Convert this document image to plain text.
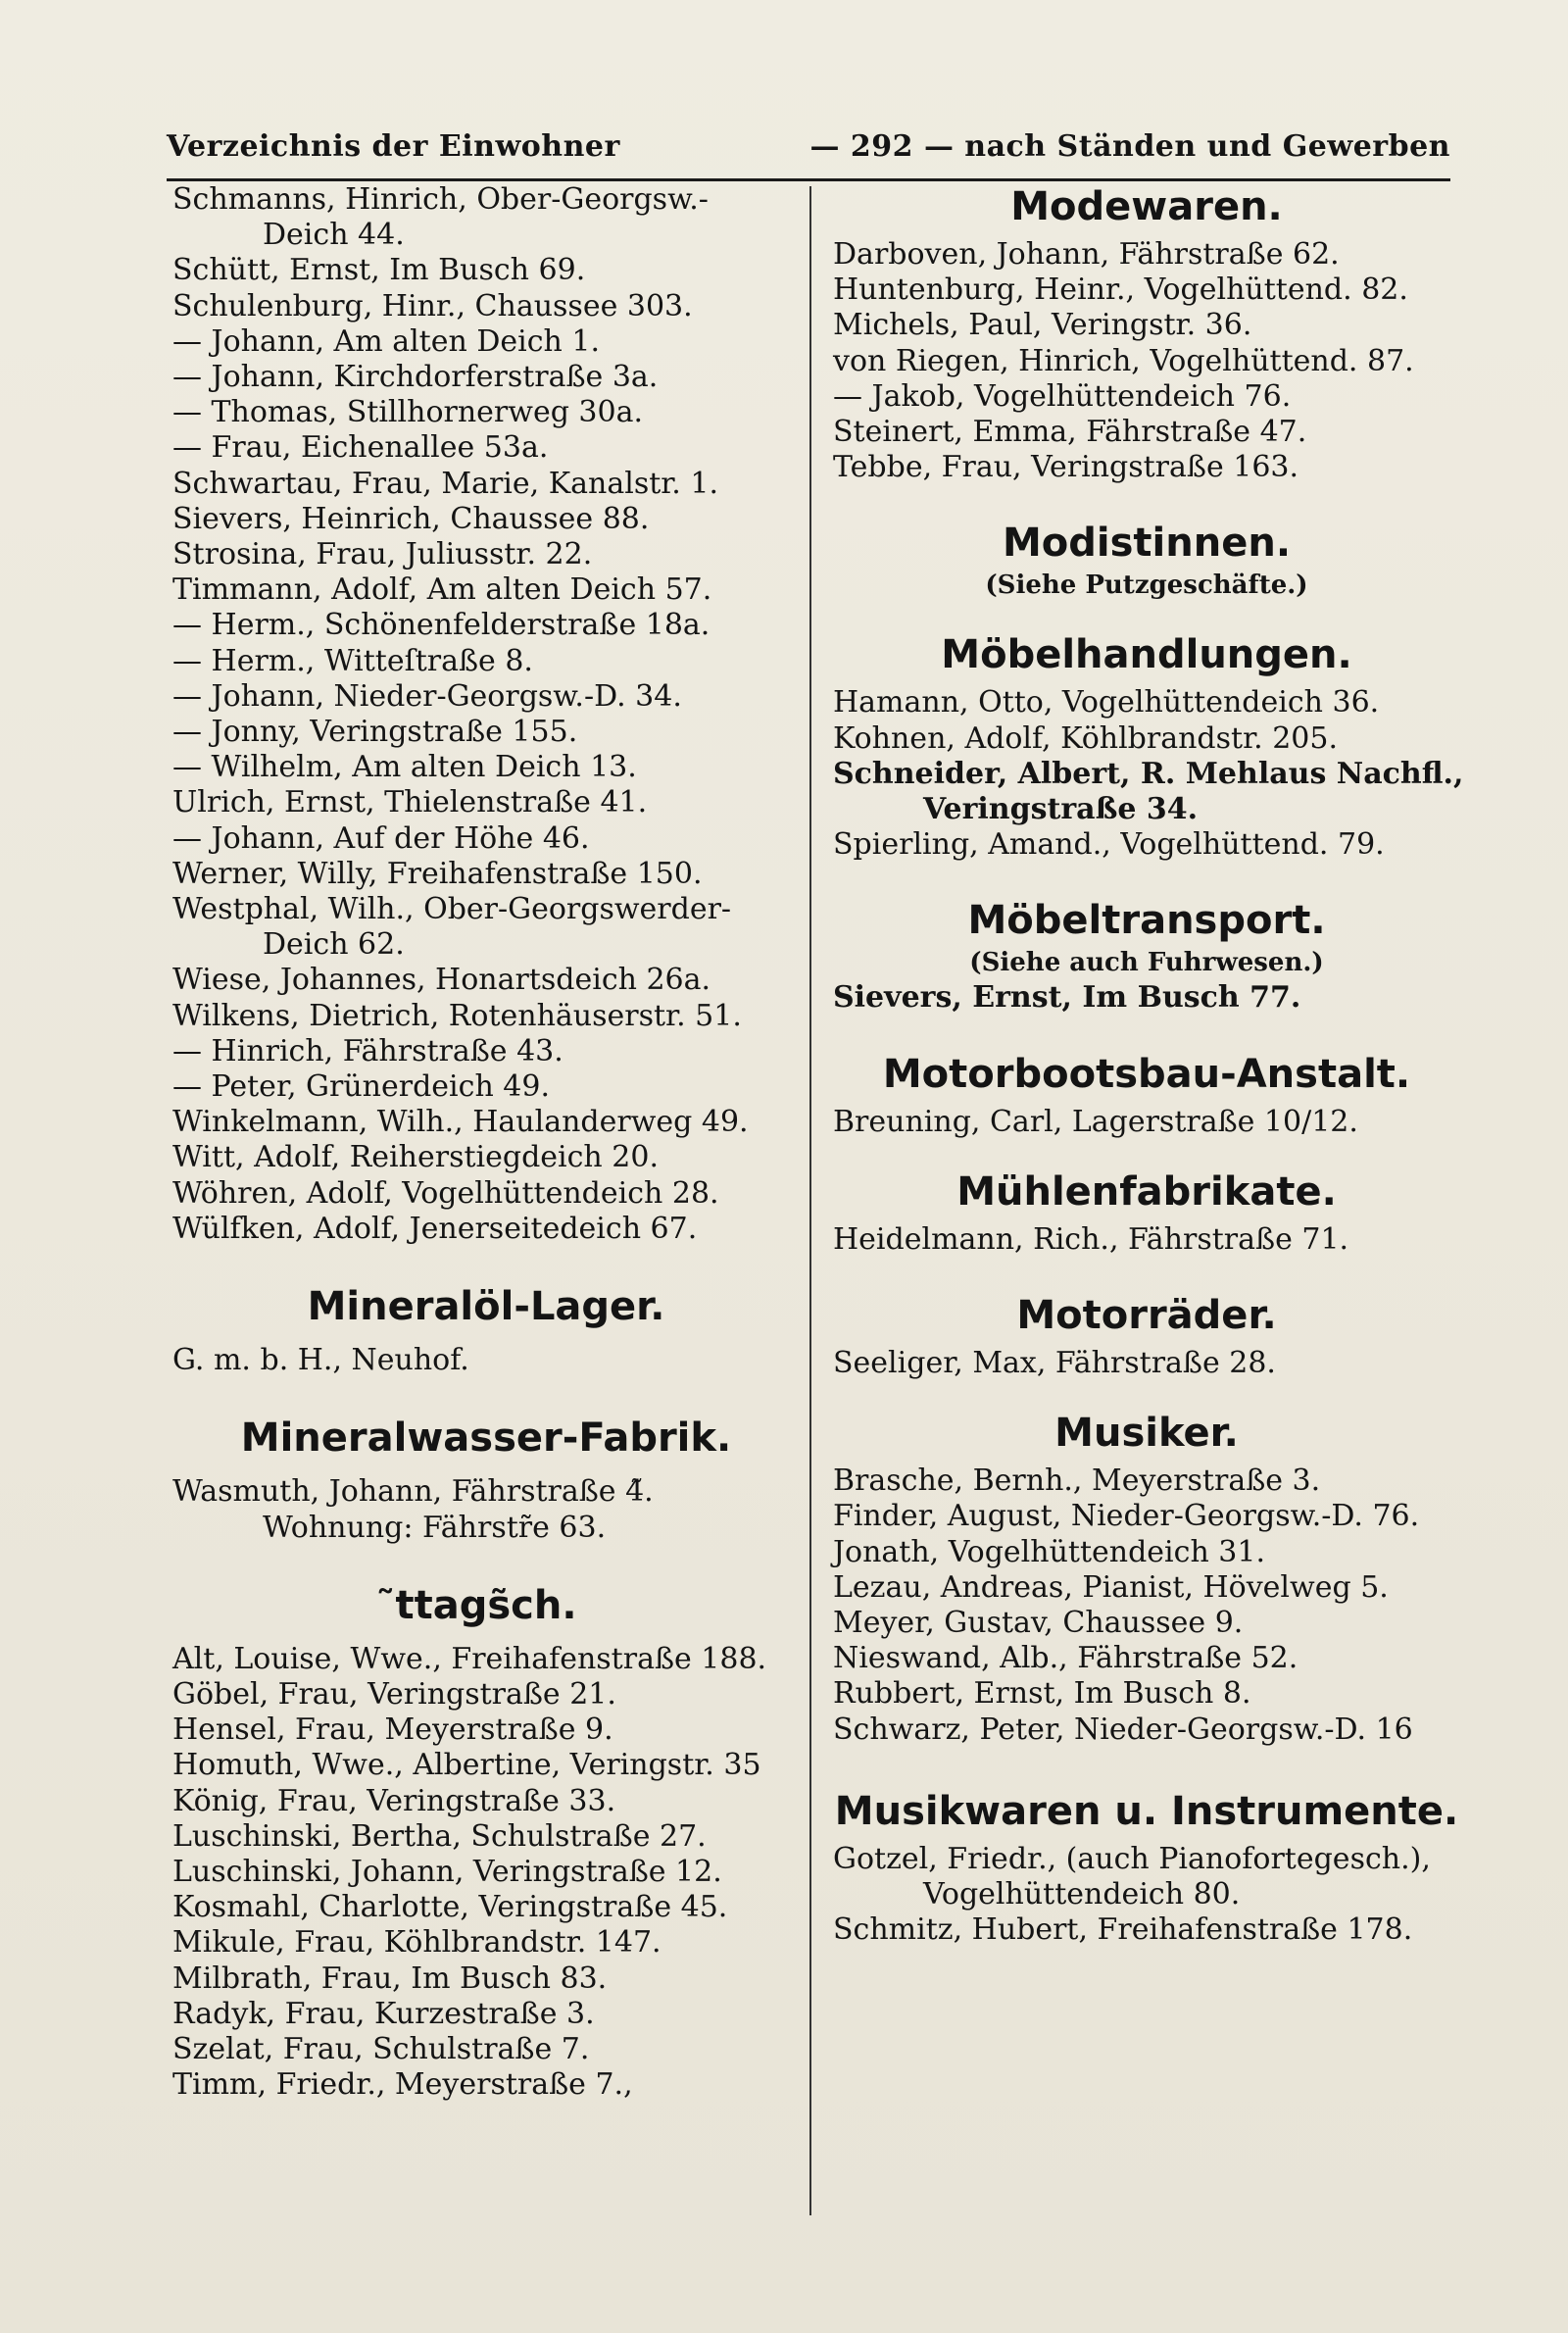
Verzeichnis der Einwohner	— 292 — nach Ständen und Gewerben
Schmanns, Hinrich, Ober-Georgsw.-
Deich 44.
Schütt, Ernst, Im Busch 69.
Schulenburg, Hinr., Chaussee 303.
— Johann, Am alten Deich 1.
— Johann, Kirchdorferstraße 3a.
— Thomas, Stillhornerweg 30a.
— Frau, Eichenallee 53a.
Schwartau, Frau, Marie, Kanalstr. 1.
Sievers, Heinrich, Chaussee 88.
Strosina, Frau, Juliusstr. 22.
Timmann, Adolf, Am alten Deich 57.
— Herm., Schönenfelderstraße 18a.
— Herm., Witteſtraße 8.
— Johann, Nieder-Georgsw.-D. 34.
— Jonny, Veringstraße 155.
— Wilhelm, Am alten Deich 13.
Ulrich, Ernst, Thielenstraße 41.
— Johann, Auf der Höhe 46.
Werner, Willy, Freihafenstraße 150.
Westphal, Wilh., Ober-Georgswerder-
Deich 62.
Wiese, Johannes, Honartsdeich 26a.
Wilkens, Dietrich, Rotenhäuserstr. 51.
— Hinrich, Fährstraße 43.
— Peter, Grünerdeich 49.
Winkelmann, Wilh., Haulanderweg 49.
Witt, Adolf, Reiherstiegdeich 20.
Wöhren, Adolf, Vogelhüttendeich 28.
Wülfken, Adolf, Jenerseitedeich 67.
Mineralöl-Lager.
G. m. b. H., Neuhof.
Mineralwasser-Fabrik.
Wasmuth, Johann, Fährstraße 4̃.
Wohnung: Fährstr̃̃e 63.
̃ttags̃̃ch.
Alt, Louise, Wwe., Freihafenstraße 188.
Göbel, Frau, Veringstraße 21.
Hensel, Frau, Meyerstraße 9.
Homuth, Wwe., Albertine, Veringstr. 35
König, Frau, Veringstraße 33.
Luschinski, Bertha, Schulstraße 27.
Luschinski, Johann, Veringstraße 12.
Kosmahl, Charlotte, Veringstraße 45.
Mikule, Frau, Köhlbrandstr. 147.
Milbrath, Frau, Im Busch 83.
Radyk, Frau, Kurzestraße 3.
Szelat, Frau, Schulstraße 7.
Timm, Friedr., Meyerstraße 7.,
Modewaren.
Darboven, Johann, Fährstraße 62.
Huntenburg, Heinr., Vogelhüttend. 82.
Michels, Paul, Veringstr. 36.
von Riegen, Hinrich, Vogelhüttend. 87.
— Jakob, Vogelhüttendeich 76.
Steinert, Emma, Fährstraße 47.
Tebbe, Frau, Veringstraße 163.
Modistinnen.
(Siehe Putzgeschäfte.)
Möbelhandlungen.
Hamann, Otto, Vogelhüttendeich 36.
Kohnen, Adolf, Köhlbrandstr. 205.
Schneider, Albert, R. Mehlaus Nachfl.,
Veringstraße 34.
Spierling, Amand., Vogelhüttend. 79.
Möbeltransport.
(Siehe auch Fuhrwesen.)
Sievers, Ernst, Im Busch 77.
Motorbootsbau-Anstalt.
Breuning, Carl, Lagerstraße 10/12.
Mühlenfabrikate.
Heidelmann, Rich., Fährstraße 71.
Motorräder.
Seeliger, Max, Fährstraße 28.
Musiker.
Brasche, Bernh., Meyerstraße 3.
Finder, August, Nieder-Georgsw.-D. 76.
Jonath, Vogelhüttendeich 31.
Lezau, Andreas, Pianist, Hövelweg 5.
Meyer, Gustav, Chaussee 9.
Nieswand, Alb., Fährstraße 52.
Rubbert, Ernst, Im Busch 8.
Schwarz, Peter, Nieder-Georgsw.-D. 16
Musikwaren u. Instrumente.
Gotzel, Friedr., (auch Pianofortegesch.),
Vogelhüttendeich 80.
Schmitz, Hubert, Freihafenstraße 178.
